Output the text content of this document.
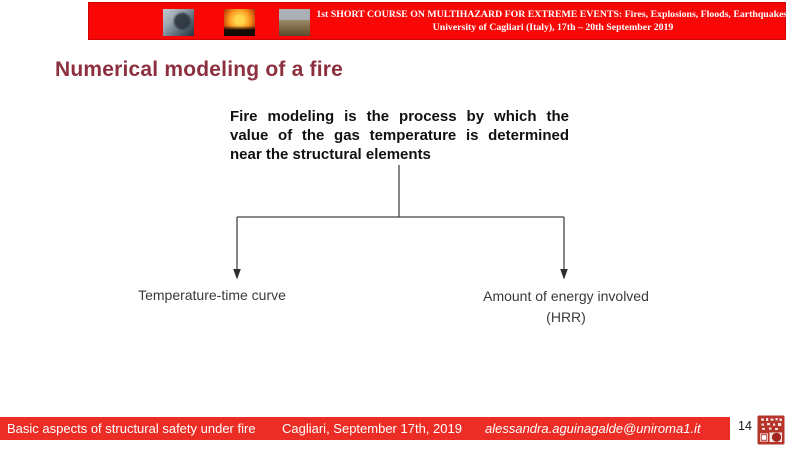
1st SHORT COURSE ON MULTIHAZARD FOR EXTREME EVENTS: Fires, Explosions, Floods, Earthquakes,
University of Cagliari (Italy), 17th – 20th September 2019
Numerical modeling of a fire
Fire modeling is the process by which the
value of the gas temperature is determined
near the structural elements
Temperature-time curve	Amount of energy involved
(HRR)
Basic aspects of structural safety under fire Cagliari, September 17th, 2019 alessandra.aguinagalde@uniroma1.it	14
